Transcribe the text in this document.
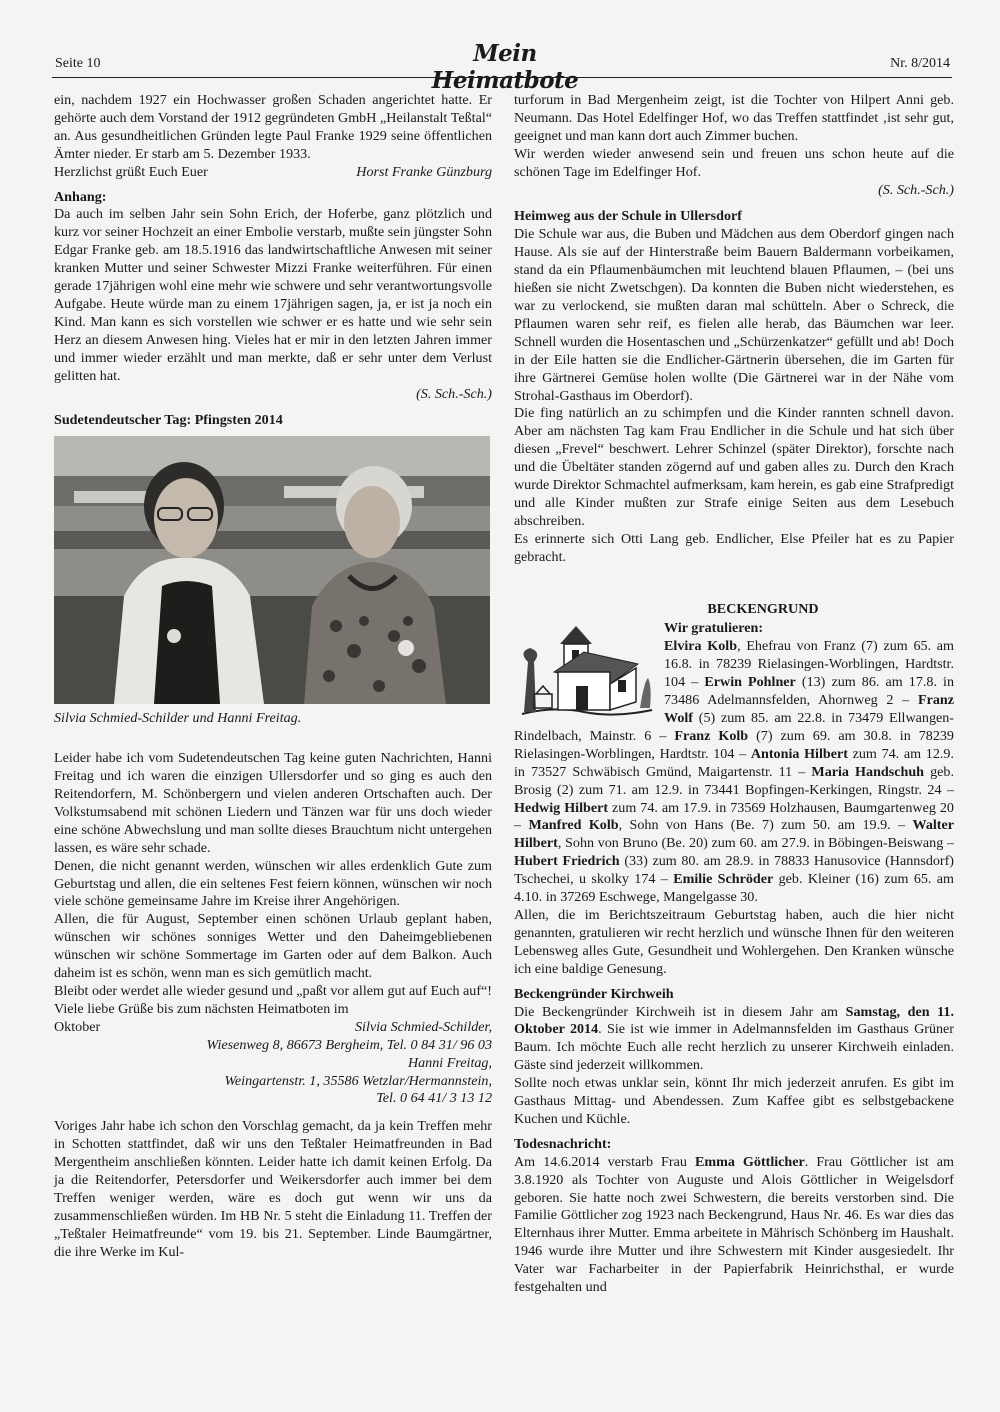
Seite 10	Mein Heimatbote
Nr. 8/2014

ein, nachdem 1927 ein Hochwasser großen Schaden angerichtet hatte. Er gehörte auch dem Vorstand der 1912 gegründeten GmbH „Heilanstalt Teßtal“ an. Aus gesundheitlichen Gründen legte Paul Franke 1929 seine öffentlichen Ämter nieder. Er starb am 5. Dezember 1933.

Herzlichst grüßt Euch Euer	Horst Franke Günzburg

Anhang:

Da auch im selben Jahr sein Sohn Erich, der Hoferbe, ganz plötzlich und kurz vor seiner Hochzeit an einer Embolie verstarb, mußte sein jüngster Sohn Edgar Franke geb. am 18.5.1916 das landwirtschaftliche Anwesen mit seiner kranken Mutter und seiner Schwester Mizzi Franke weiterführen. Für einen gerade 17jährigen wohl eine mehr wie schwere und sehr verantwortungsvolle Aufgabe. Heute würde man zu einem 17jährigen sagen, ja, er ist ja noch ein Kind. Man kann es sich vorstellen wie schwer er es hatte und wie sehr sein Herz an diesem Anwesen hing. Vieles hat er mir in den letzten Jahren immer und immer wieder erzählt und man merkte, daß er sehr unter dem Verlust gelitten hat.

(S. Sch.-Sch.)

Sudetendeutscher Tag: Pfingsten 2014

Silvia Schmied-Schilder und Hanni Freitag.

Leider habe ich vom Sudetendeutschen Tag keine guten Nachrichten, Hanni Freitag und ich waren die einzigen Ullersdorfer und so ging es auch den Reitendorfern, M. Schönbergern und vielen anderen Ortschaften auch. Der Volkstumsabend mit schönen Liedern und Tänzen war für uns doch wieder eine schöne Abwechslung und man sollte dieses Brauchtum nicht untergehen lassen, es wäre sehr schade.

Denen, die nicht genannt werden, wünschen wir alles erdenklich Gute zum Geburtstag und allen, die ein seltenes Fest feiern können, wünschen wir noch viele schöne gemeinsame Jahre im Kreise ihrer Angehörigen.

Allen, die für August, September einen schönen Urlaub geplant haben, wünschen wir schönes sonniges Wetter und den Daheimgebliebenen wünschen wir schöne Sommertage im Garten oder auf dem Balkon. Auch daheim ist es schön, wenn man es sich gemütlich macht.

Bleibt oder werdet alle wieder gesund und „paßt vor allem gut auf Euch auf“! Viele liebe Grüße bis zum nächsten Heimatboten im

Oktober	Silvia Schmied-Schilder,

Wiesenweg 8, 86673 Bergheim, Tel. 0 84 31/ 96 03

Hanni Freitag,

Weingartenstr. 1, 35586 Wetzlar/Hermannstein,

Tel. 0 64 41/ 3 13 12

Voriges Jahr habe ich schon den Vorschlag gemacht, da ja kein Treffen mehr in Schotten stattfindet, daß wir uns den Teßtaler Heimatfreunden in Bad Mergentheim anschließen könnten. Leider hatte ich damit keinen Erfolg. Da ja die Reitendorfer, Petersdorfer und Weikersdorfer auch immer bei dem Treffen weniger werden, wäre es doch gut wenn wir uns da zusammenschließen würden. Im HB Nr. 5 steht die Einladung 11. Treffen der „Teßtaler Heimatfreunde“ vom 19. bis 21. September. Linde Baumgärtner, die ihre Werke im Kul-

turforum in Bad Mergenheim zeigt, ist die Tochter von Hilpert Anni geb. Neumann. Das Hotel Edelfinger Hof, wo das Treffen stattfindet ‚ist sehr gut, geeignet und man kann dort auch Zimmer buchen.

Wir werden wieder anwesend sein und freuen uns schon heute auf die schönen Tage im Edelfinger Hof.

(S. Sch.-Sch.)

Heimweg aus der Schule in Ullersdorf

Die Schule war aus, die Buben und Mädchen aus dem Oberdorf gingen nach Hause. Als sie auf der Hinterstraße beim Bauern Baldermann vorbeikamen, stand da ein Pflaumenbäumchen mit leuchtend blauen Pflaumen, – (bei uns hießen sie nicht Zwetschgen). Da konnten die Buben nicht wiederstehen, es war zu verlockend, sie mußten daran mal schütteln. Aber o Schreck, die Pflaumen waren sehr reif, es fielen alle herab, das Bäumchen war leer. Schnell wurden die Hosentaschen und „Schürzenkatzer“ gefüllt und ab! Doch in der Eile hatten sie die Endlicher-Gärtnerin übersehen, die im Garten für ihre Gärtnerei Gemüse holen wollte (Die Gärtnerei war in der Nähe vom Strohal-Gasthaus im Oberdorf).

Die fing natürlich an zu schimpfen und die Kinder rannten schnell davon. Aber am nächsten Tag kam Frau Endlicher in die Schule und hat sich über diesen „Frevel“ beschwert. Lehrer Schinzel (später Direktor), forschte nach und die Übeltäter standen zögernd auf und gaben alles zu. Durch den Krach wurde Direktor Schmachtel aufmerksam, kam herein, es gab eine Strafpredigt und alle Kinder mußten zur Strafe einige Seiten aus dem Lesebuch abschreiben.

Es erinnerte sich Otti Lang geb. Endlicher, Else Pfeiler hat es zu Papier gebracht.

BECKENGRUND

Wir gratulieren:

Elvira Kolb, Ehefrau von Franz (7) zum 65. am 16.8. in 78239 Rielasingen-Worblingen, Hardtstr. 104 – Erwin Pohlner (13) zum 86. am 17.8. in 73486 Adelmannsfelden, Ahornweg 2 – Franz Wolf (5) zum 85. am 22.8. in 73479 Ellwangen-Rindelbach, Mainstr. 6 – Franz Kolb (7) zum 69. am 30.8. in 78239 Rielasingen-Worblingen, Hardtstr. 104 – Antonia Hilbert zum 74. am 12.9. in 73527 Schwäbisch Gmünd, Maigartenstr. 11 – Maria Handschuh geb. Brosig (2) zum 71. am 12.9. in 73441 Bopfingen-Kerkingen, Ringstr. 24 – Hedwig Hilbert zum 74. am 17.9. in 73569 Holzhausen, Baumgartenweg 20 – Manfred Kolb, Sohn von Hans (Be. 7) zum 50. am 19.9. – Walter Hilbert, Sohn von Bruno (Be. 20) zum 60. am 27.9. in Böbingen-Beiswang – Hubert Friedrich (33) zum 80. am 28.9. in 78833 Hanusovice (Hannsdorf) Tschechei, u skolky 174 – Emilie Schröder geb. Kleiner (16) zum 65. am 4.10. in 37269 Eschwege, Mangelgasse 30.

Allen, die im Berichtszeitraum Geburtstag haben, auch die hier nicht genannten, gratulieren wir recht herzlich und wünsche Ihnen für den weiteren Lebensweg alles Gute, Gesundheit und Wohlergehen. Den Kranken wünsche ich eine baldige Genesung.

Beckengründer Kirchweih

Die Beckengründer Kirchweih ist in diesem Jahr am Samstag, den 11. Oktober 2014. Sie ist wie immer in Adelmannsfelden im Gasthaus Grüner Baum. Ich möchte Euch alle recht herzlich zu unserer Kirchweih einladen. Gäste sind jederzeit willkommen.

Sollte noch etwas unklar sein, könnt Ihr mich jederzeit anrufen. Es gibt im Gasthaus Mittag- und Abendessen. Zum Kaffee gibt es selbstgebackene Kuchen und Küchle.

Todesnachricht:

Am 14.6.2014 verstarb Frau Emma Göttlicher. Frau Göttlicher ist am 3.8.1920 als Tochter von Auguste und Alois Göttlicher in Weigelsdorf geboren. Sie hatte noch zwei Schwestern, die bereits verstorben sind. Die Familie Göttlicher zog 1923 nach Beckengrund, Haus Nr. 46. Es war dies das Elternhaus ihrer Mutter. Emma arbeitete in Mährisch Schönberg im Haushalt. 1946 wurde ihre Mutter und ihre Schwestern mit Kinder ausgesiedelt. Ihr Vater war Facharbeiter in der Papierfabrik Heinrichsthal, er wurde festgehalten und
